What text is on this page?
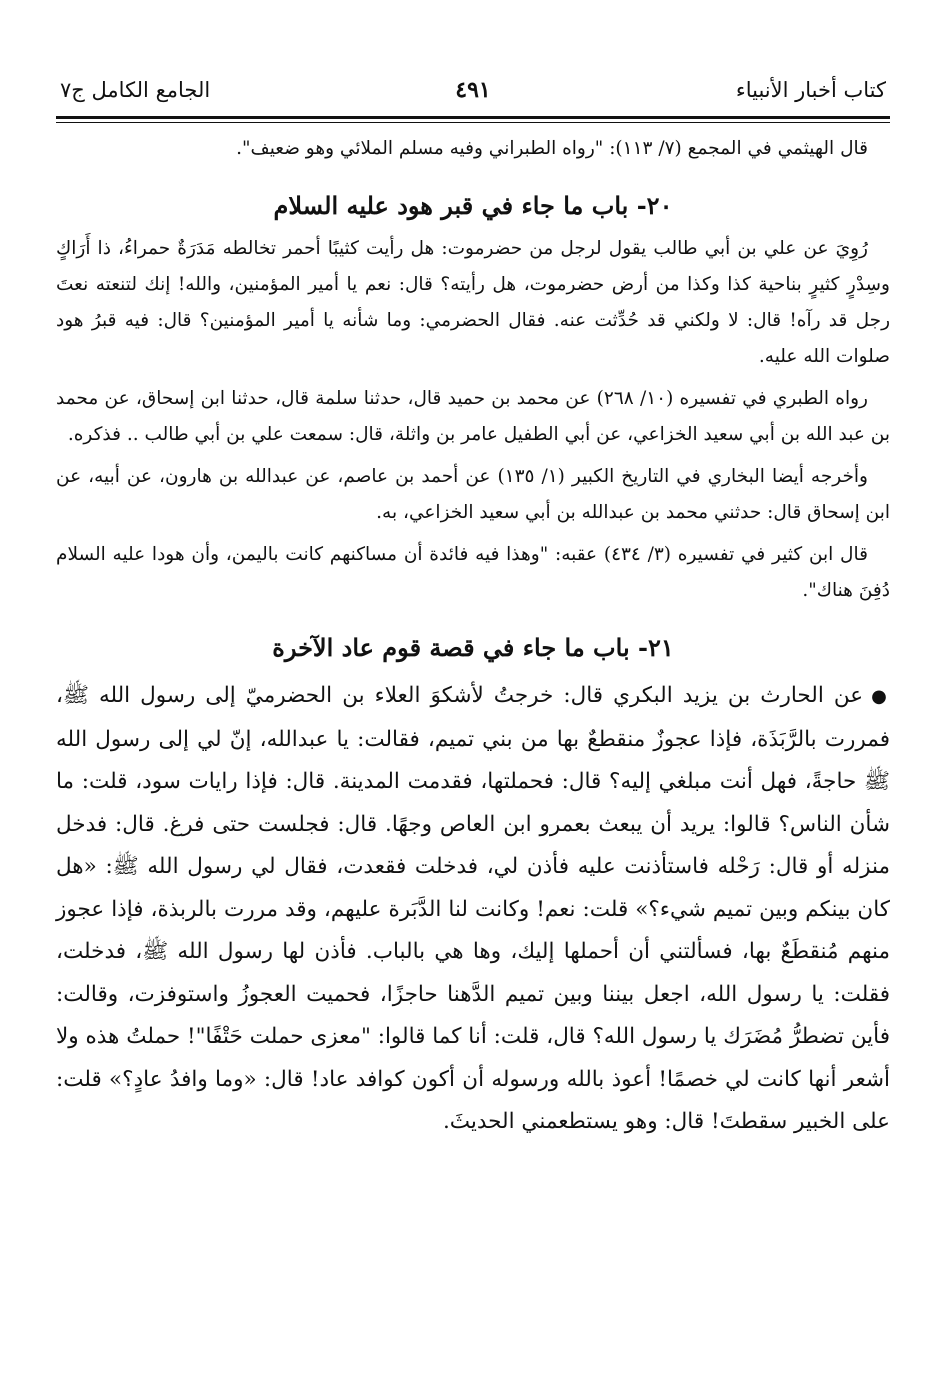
كتاب أخبار الأنبياء
٤٩١
الجامع الكامل ج٧

قال الهيثمي في المجمع (٧/ ١١٣): "رواه الطبراني وفيه مسلم الملائي وهو ضعيف".

٢٠- باب ما جاء في قبر هود عليه السلام

رُوِيَ عن علي بن أبي طالب يقول لرجل من حضرموت: هل رأيت كثيبًا أحمر تخالطه مَدَرَةٌ حمراءُ، ذا أَرَاكٍ وسِدْرٍ كثيرٍ بناحية كذا وكذا من أرض حضرموت، هل رأيته؟ قال: نعم يا أمير المؤمنين، والله! إنك لتنعته نعتَ رجل قد رآه! قال: لا ولكني قد حُدِّثت عنه. فقال الحضرمي: وما شأنه يا أمير المؤمنين؟ قال: فيه قبرُ هود صلوات الله عليه.

رواه الطبري في تفسيره (١٠/ ٢٦٨) عن محمد بن حميد قال، حدثنا سلمة قال، حدثنا ابن إسحاق، عن محمد بن عبد الله بن أبي سعيد الخزاعي، عن أبي الطفيل عامر بن واثلة، قال: سمعت علي بن أبي طالب .. فذكره.

وأخرجه أيضا البخاري في التاريخ الكبير (١/ ١٣٥) عن أحمد بن عاصم، عن عبدالله بن هارون، عن أبيه، عن ابن إسحاق قال: حدثني محمد بن عبدالله بن أبي سعيد الخزاعي، به.

قال ابن كثير في تفسيره (٣/ ٤٣٤) عقبه: "وهذا فيه فائدة أن مساكنهم كانت باليمن، وأن هودا عليه السلام دُفِنَ هناك".

٢١- باب ما جاء في قصة قوم عاد الآخرة

●عن الحارث بن يزيد البكري قال: خرجتُ لأشكوَ العلاء بن الحضرميّ إلى رسول الله ﷺ، فمررت بالرَّبَذَة، فإذا عجوزٌ منقطعٌ بها من بني تميم، فقالت: يا عبدالله، إنّ لي إلى رسول الله ﷺ حاجةً، فهل أنت مبلغي إليه؟ قال: فحملتها، فقدمت المدينة. قال: فإذا رايات سود، قلت: ما شأن الناس؟ قالوا: يريد أن يبعث بعمرو ابن العاص وجهًا. قال: فجلست حتى فرغ. قال: فدخل منزله أو قال: رَحْله فاستأذنت عليه فأذن لي، فدخلت فقعدت، فقال لي رسول الله ﷺ: «هل كان بينكم وبين تميم شيء؟» قلت: نعم! وكانت لنا الدَّبَرة عليهم، وقد مررت بالربذة، فإذا عجوز منهم مُنقطَعٌ بها، فسألتني أن أحملها إليك، وها هي بالباب. فأذن لها رسول الله ﷺ، فدخلت، فقلت: يا رسول الله، اجعل بيننا وبين تميم الدَّهنا حاجزًا، فحميت العجوزُ واستوفزت، وقالت: فأين تضطرُّ مُضَرَك يا رسول الله؟ قال، قلت: أنا كما قالوا: "معزى حملت حَتْفًا"! حملتُ هذه ولا أشعر أنها كانت لي خصمًا! أعوذ بالله ورسوله أن أكون كوافد عاد! قال: «وما وافدُ عادٍ؟» قلت: على الخبير سقطتَ! قال: وهو يستطعمني الحديثَ.
